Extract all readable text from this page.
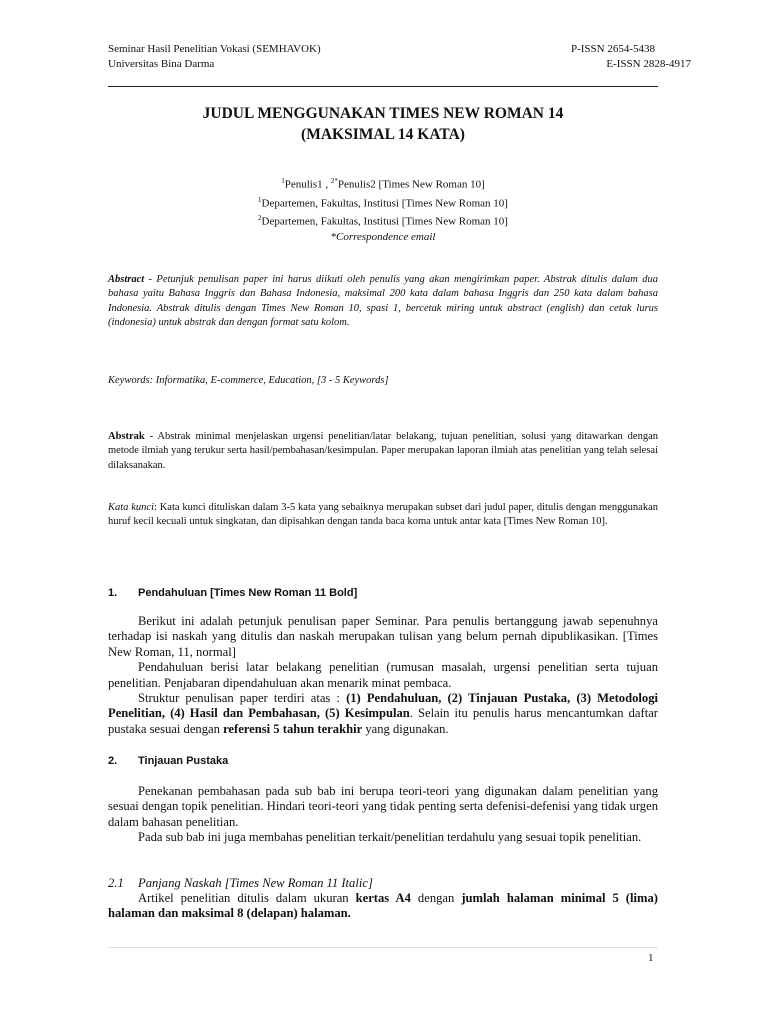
Seminar Hasil Penelitian Vokasi (SEMHAVOK)	P-ISSN 2654-5438
Universitas Bina Darma	E-ISSN 2828-4917
JUDUL MENGGUNAKAN TIMES NEW ROMAN 14
(MAKSIMAL 14 KATA)
$^1$Penulis1 , $^{2*}$Penulis2 [Times New Roman 10]
$^1$Departemen, Fakultas, Institusi [Times New Roman 10]
$^2$Departemen, Fakultas, Institusi [Times New Roman 10]
*Correspondence email
Abstract - Petunjuk penulisan paper ini harus diikuti oleh penulis yang akan mengirimkan paper. Abstrak ditulis dalam dua bahasa yaitu Bahasa Inggris dan Bahasa Indonesia, maksimal 200 kata dalam bahasa Inggris dan 250 kata dalam bahasa Indonesia. Abstrak ditulis dengan Times New Roman 10, spasi 1, bercetak miring untuk abstract (english) dan cetak lurus (indonesia) untuk abstrak dan dengan format satu kolom.
Keywords: Informatika, E-commerce, Education, [3 - 5 Keywords]
Abstrak - Abstrak minimal menjelaskan urgensi penelitian/latar belakang, tujuan penelitian, solusi yang ditawarkan dengan metode ilmiah yang terukur serta hasil/pembahasan/kesimpulan. Paper merupakan laporan ilmiah atas penelitian yang telah selesai dilaksanakan.
Kata kunci: Kata kunci dituliskan dalam 3-5 kata yang sebaiknya merupakan subset dari judul paper, ditulis dengan menggunakan huruf kecil kecuali untuk singkatan, dan dipisahkan dengan tanda baca koma untuk antar kata [Times New Roman 10].
1. Pendahuluan [Times New Roman 11 Bold]

Berikut ini adalah petunjuk penulisan paper Seminar. Para penulis bertanggung jawab sepenuhnya terhadap isi naskah yang ditulis dan naskah merupakan tulisan yang belum pernah dipublikasikan. [Times New Roman, 11, normal]

Pendahuluan berisi latar belakang penelitian (rumusan masalah, urgensi penelitian serta tujuan penelitian. Penjabaran dipendahuluan akan menarik minat pembaca.

Struktur penulisan paper terdiri atas : (1) Pendahuluan, (2) Tinjauan Pustaka, (3) Metodologi Penelitian, (4) Hasil dan Pembahasan, (5) Kesimpulan. Selain itu penulis harus mencantumkan daftar pustaka sesuai dengan referensi 5 tahun terakhir yang digunakan.

2. Tinjauan Pustaka

Penekanan pembahasan pada sub bab ini berupa teori-teori yang digunakan dalam penelitian yang sesuai dengan topik penelitian. Hindari teori-teori yang tidak penting serta defenisi-defenisi yang tidak urgen dalam bahasan penelitian.

Pada sub bab ini juga membahas penelitian terkait/penelitian terdahulu yang sesuai topik penelitian.

2.1 Panjang Naskah [Times New Roman 11 Italic]

Artikel penelitian ditulis dalam ukuran kertas A4 dengan jumlah halaman minimal 5 (lima) halaman dan maksimal 8 (delapan) halaman.

1
